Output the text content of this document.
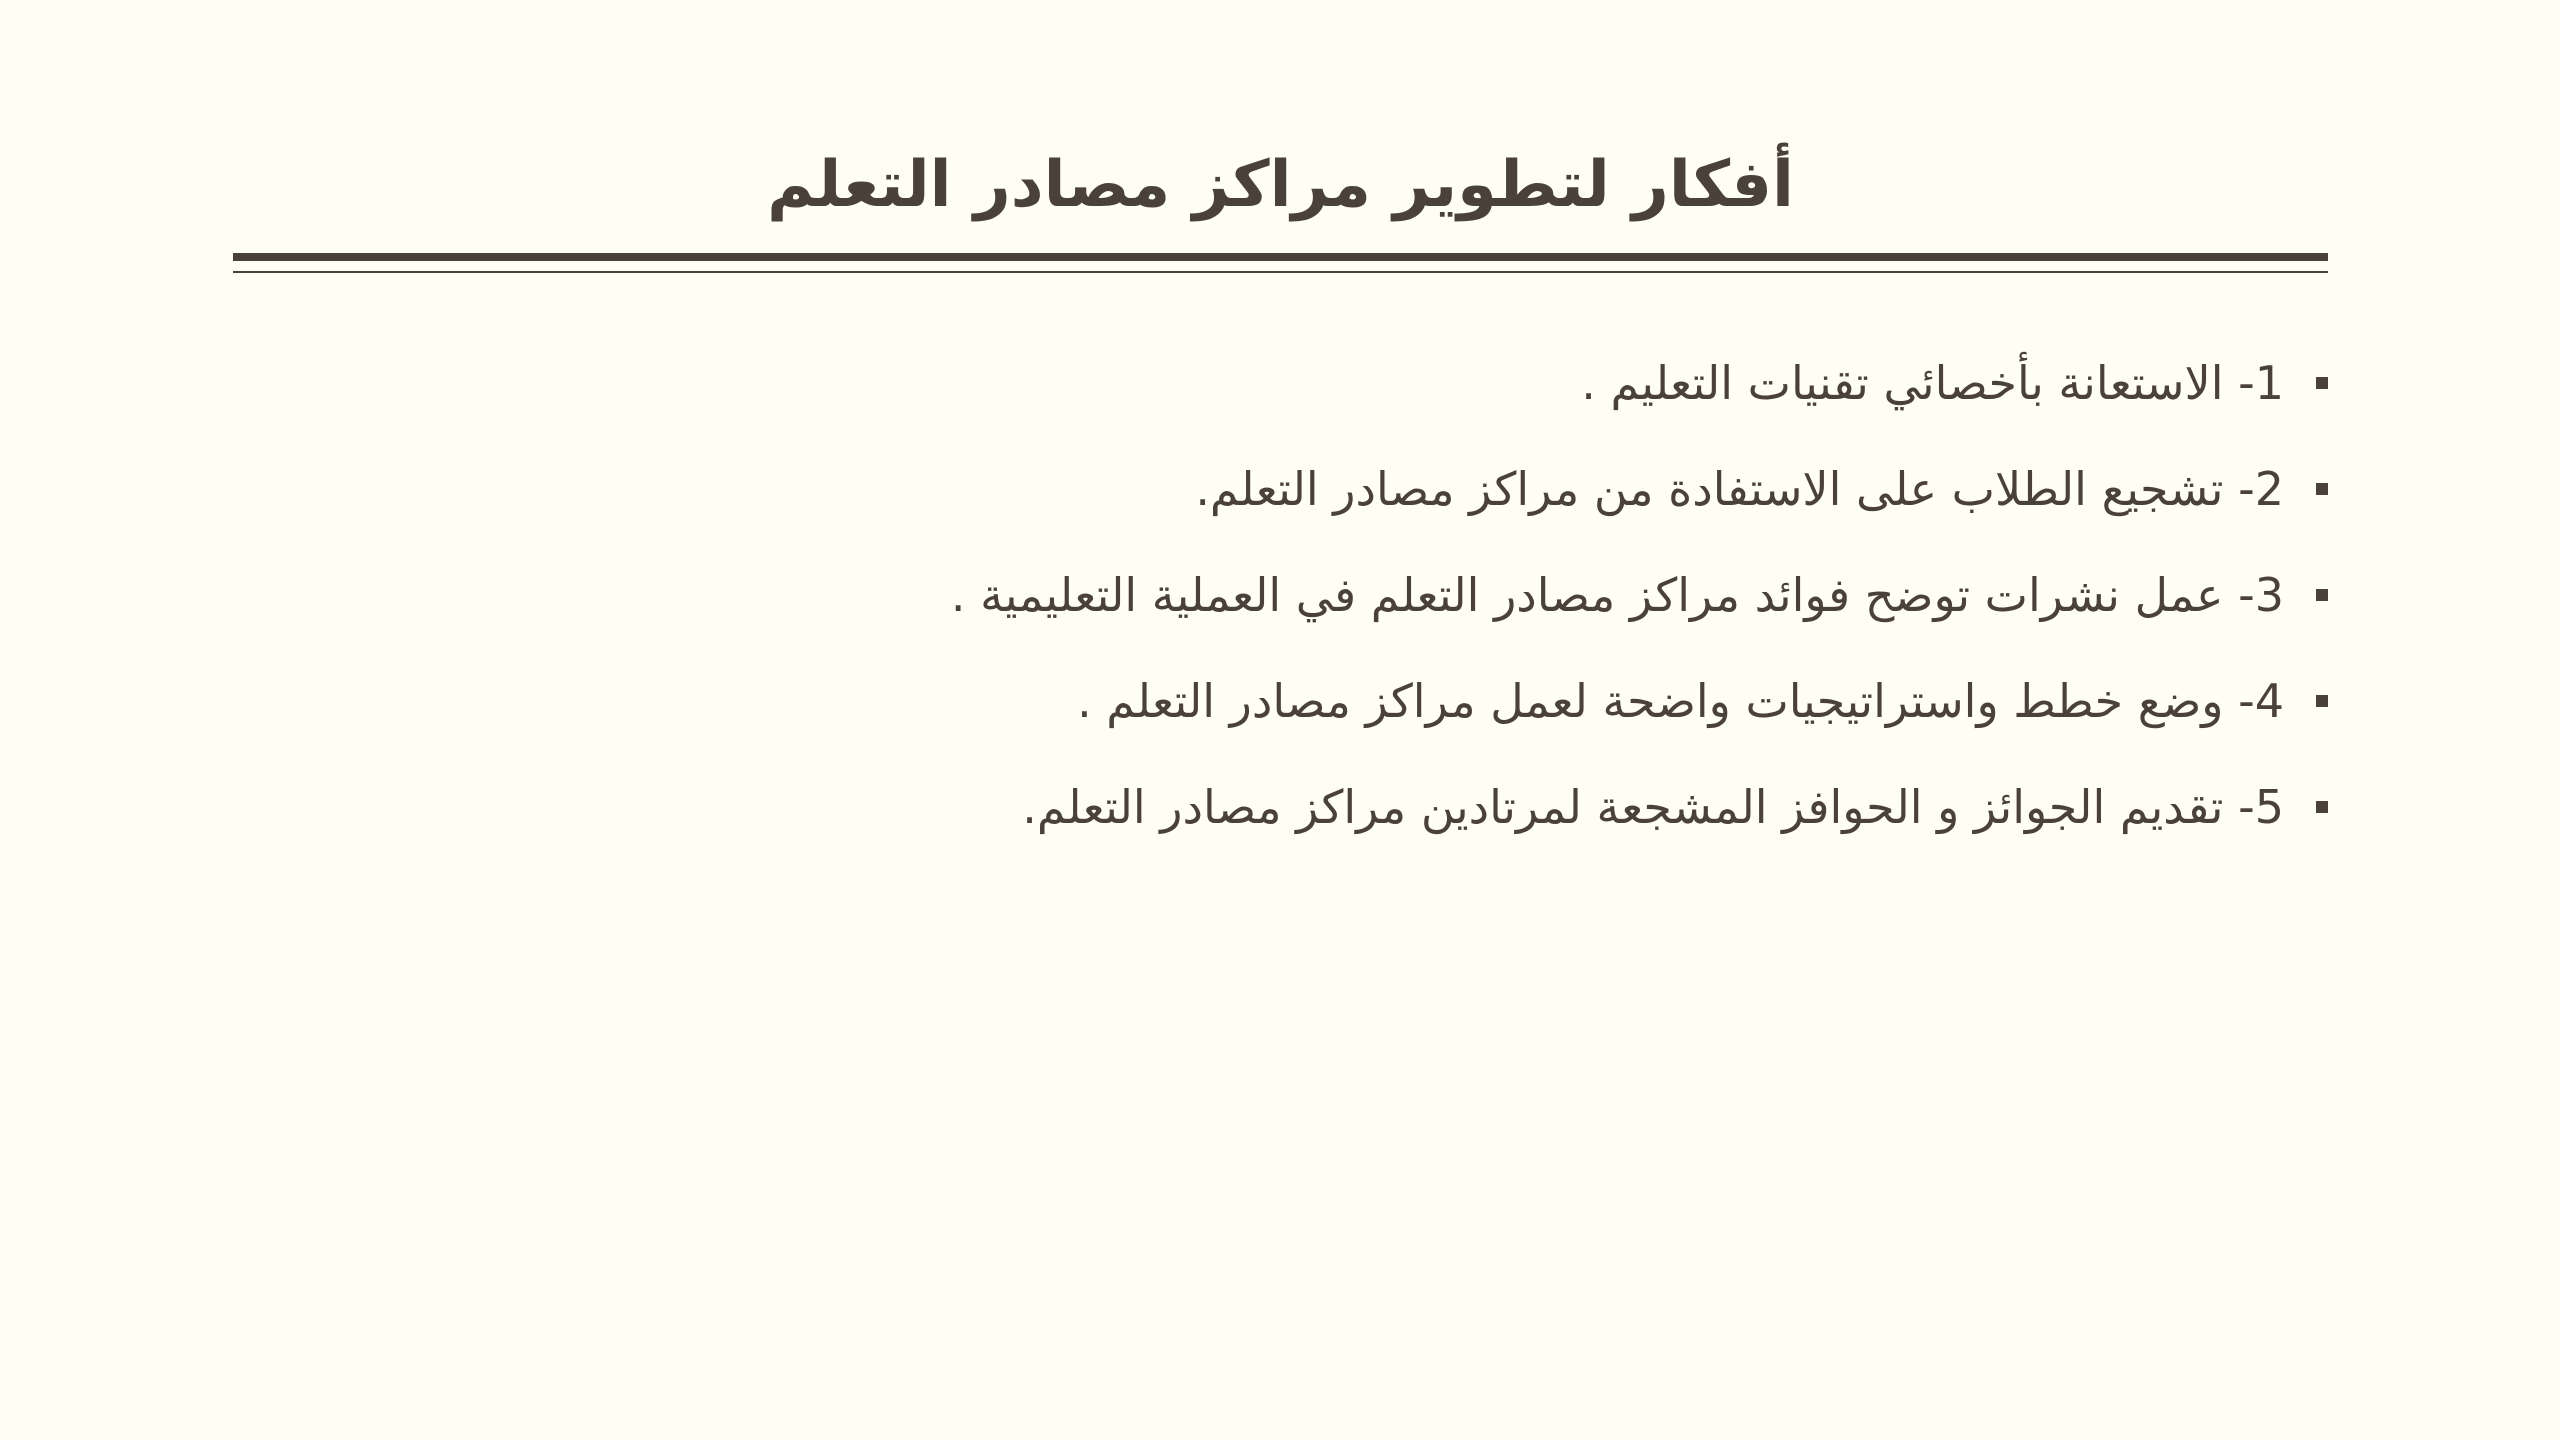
أفكار لتطوير مراكز مصادر التعلم
1- الاستعانة بأخصائي تقنيات التعليم .
2- تشجيع الطلاب على الاستفادة من مراكز مصادر التعلم.
3- عمل نشرات توضح فوائد مراكز مصادر التعلم في العملية التعليمية .
4- وضع خطط واستراتيجيات واضحة لعمل مراكز مصادر التعلم .
5- تقديم الجوائز و الحوافز المشجعة لمرتادين مراكز مصادر التعلم.
